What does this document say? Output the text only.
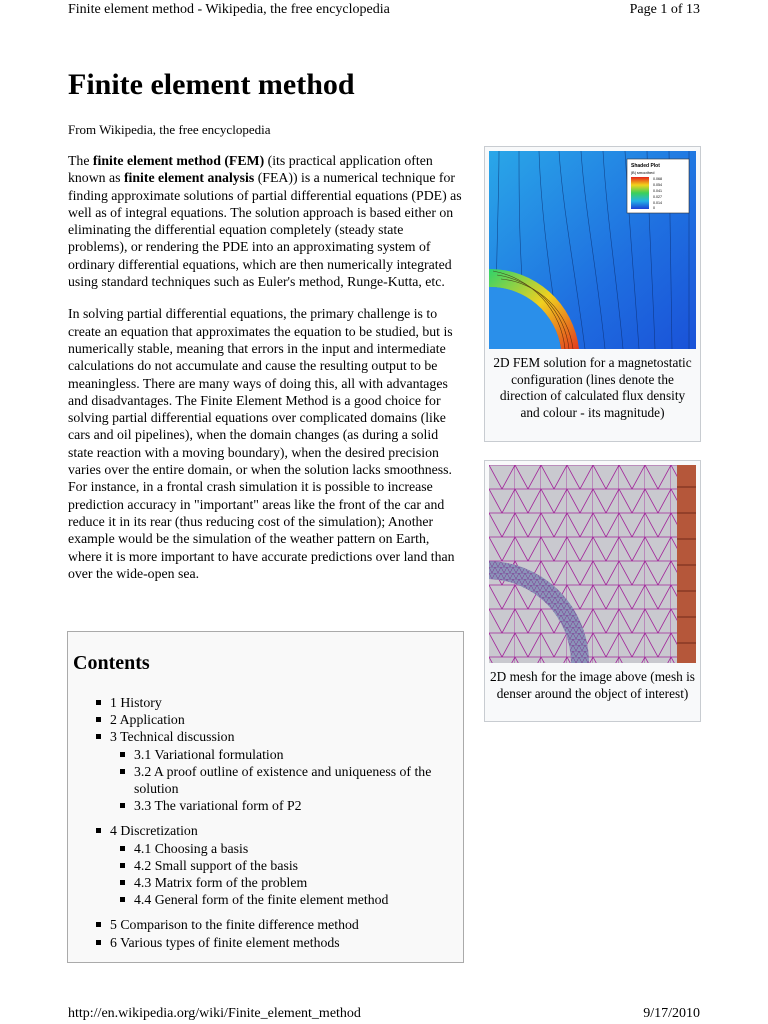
Finite element method - Wikipedia, the free encyclopedia	Page 1 of 13
Finite element method
From Wikipedia, the free encyclopedia

The finite element method (FEM) (its practical application often known as finite element analysis (FEA)) is a numerical technique for finding approximate solutions of partial differential equations (PDE) as well as of integral equations. The solution approach is based either on eliminating the differential equation completely (steady state problems), or rendering the PDE into an approximating system of ordinary differential equations, which are then numerically integrated using standard techniques such as Euler's method, Runge-Kutta, etc.

In solving partial differential equations, the primary challenge is to create an equation that approximates the equation to be studied, but is numerically stable, meaning that errors in the input and intermediate calculations do not accumulate and cause the resulting output to be meaningless. There are many ways of doing this, all with advantages and disadvantages. The Finite Element Method is a good choice for solving partial differential equations over complicated domains (like cars and oil pipelines), when the domain changes (as during a solid state reaction with a moving boundary), when the desired precision varies over the entire domain, or when the solution lacks smoothness. For instance, in a frontal crash simulation it is possible to increase prediction accuracy in "important" areas like the front of the car and reduce it in its rear (thus reducing cost of the simulation); Another example would be the simulation of the weather pattern on Earth, where it is more important to have accurate predictions over land than over the wide-open sea.

Shaded Plot
|B| smoothed
0.068
0.054
0.041
0.027
0.014
0
2D FEM solution for a magnetostatic configuration (lines denote the direction of calculated flux density and colour - its magnitude)
2D mesh for the image above (mesh is denser around the object of interest)
Contents
1 History
2 Application
3 Technical discussion
3.1 Variational formulation
3.2 A proof outline of existence and uniqueness of the solution
3.3 The variational form of P2
4 Discretization
4.1 Choosing a basis
4.2 Small support of the basis
4.3 Matrix form of the problem
4.4 General form of the finite element method
5 Comparison to the finite difference method
6 Various types of finite element methods
http://en.wikipedia.org/wiki/Finite_element_method	9/17/2010
